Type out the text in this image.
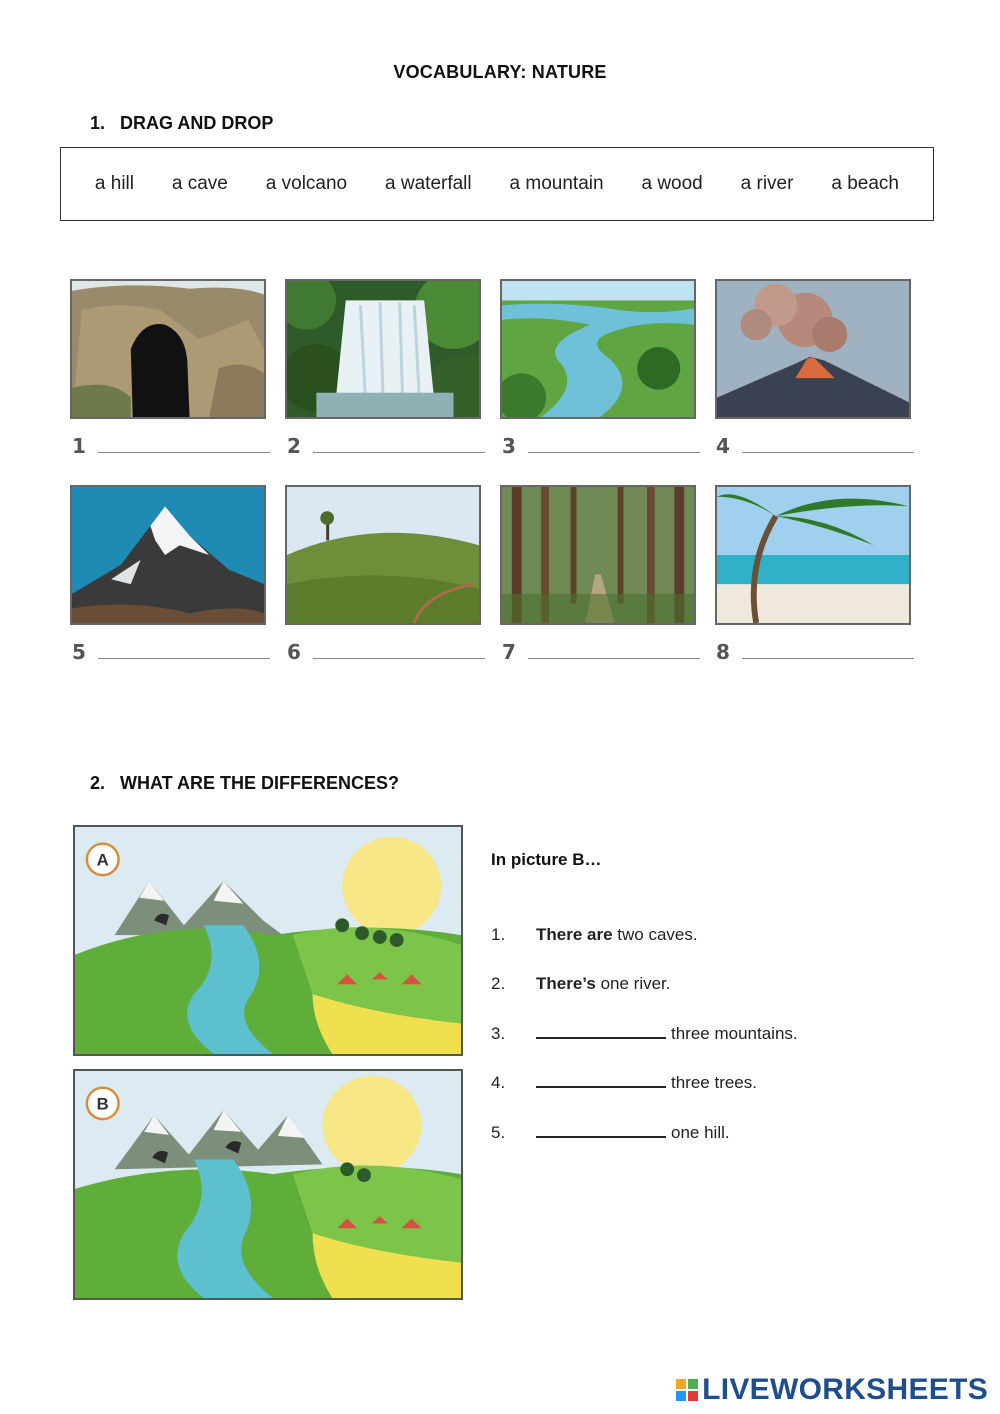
VOCABULARY: NATURE
1. DRAG AND DROP
a hill a cave a volcano a waterfall a mountain a wood a river a beach
1	2	3	4
5	6	7	8
2. WHAT ARE THE DIFFERENCES?
A
B
In picture B…
1. There are two caves.
2. There’s one river.
3.	three mountains.
4.	three trees.
5.	one hill.
LIVEWORKSHEETS
